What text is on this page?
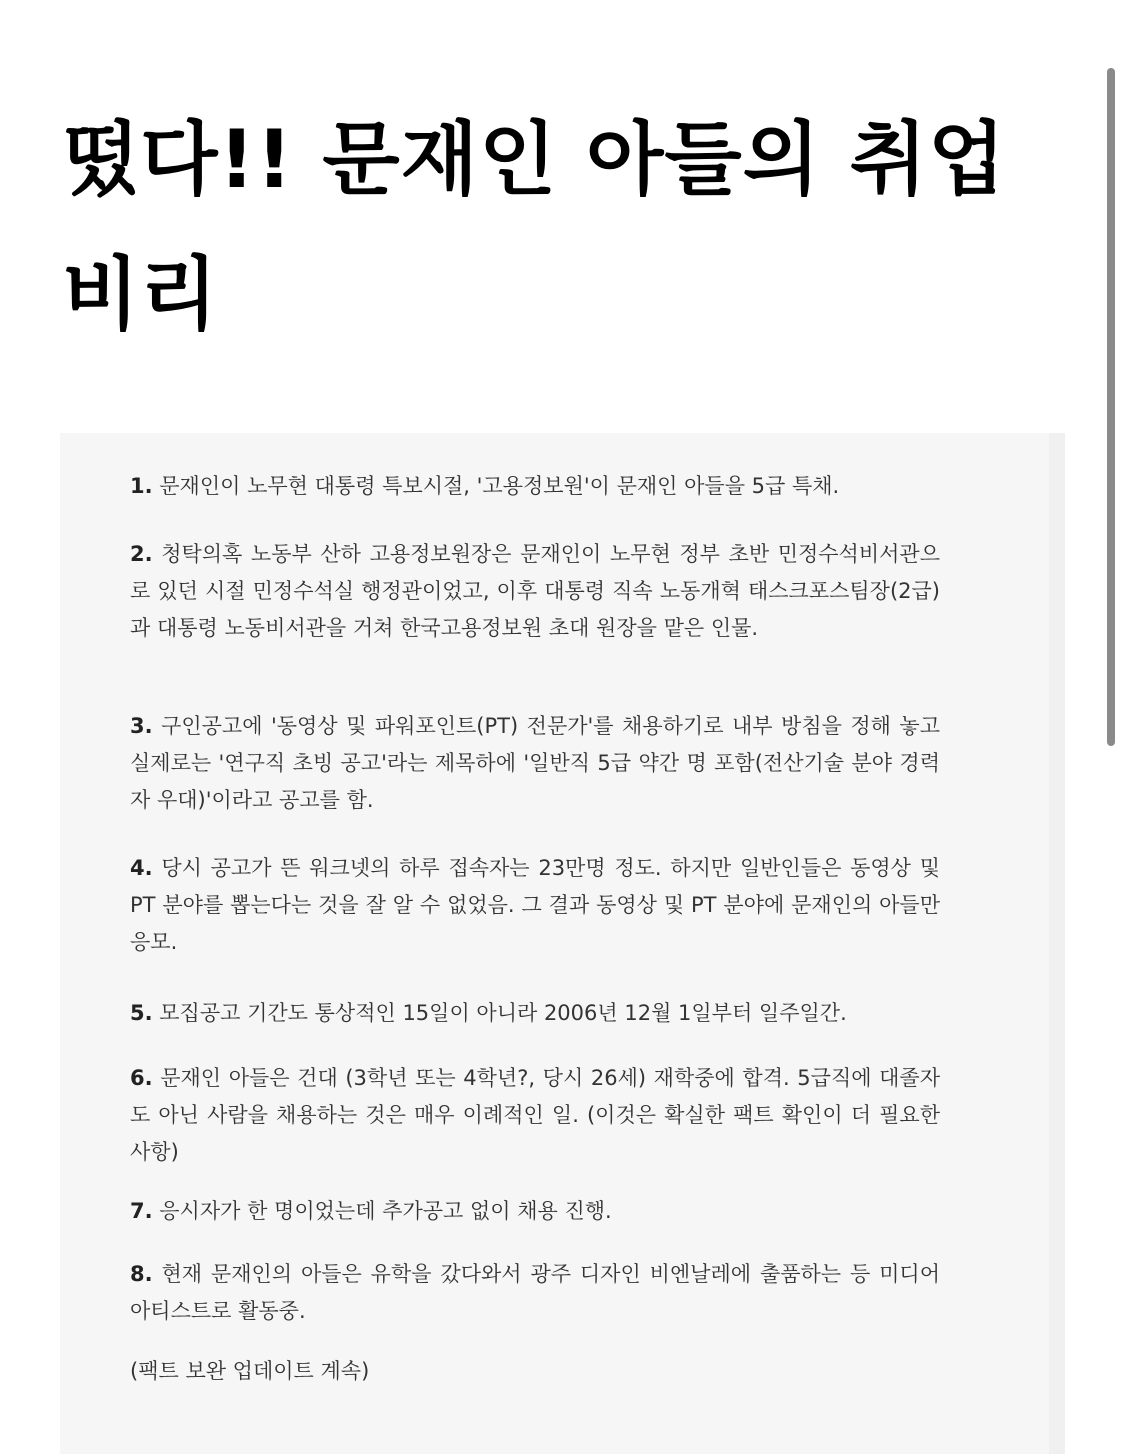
떴다!! 문재인 아들의 취업 비리

1. 문재인이 노무현 대통령 특보시절, '고용정보원'이 문재인 아들을 5급 특채.

2. 청탁의혹 노동부 산하 고용정보원장은 문재인이 노무현 정부 초반 민정수석비서관으로 있던 시절 민정수석실 행정관이었고, 이후 대통령 직속 노동개혁 태스크포스팀장(2급)과 대통령 노동비서관을 거쳐 한국고용정보원 초대 원장을 맡은 인물.

3. 구인공고에 '동영상 및 파워포인트(PT) 전문가'를 채용하기로 내부 방침을 정해 놓고 실제로는 '연구직 초빙 공고'라는 제목하에 '일반직 5급 약간 명 포함(전산기술 분야 경력자 우대)'이라고 공고를 함.

4. 당시 공고가 뜬 워크넷의 하루 접속자는 23만명 정도. 하지만 일반인들은 동영상 및 PT 분야를 뽑는다는 것을 잘 알 수 없었음. 그 결과 동영상 및 PT 분야에 문재인의 아들만 응모.

5. 모집공고 기간도 통상적인 15일이 아니라 2006년 12월 1일부터 일주일간.

6. 문재인 아들은 건대 (3학년 또는 4학년?, 당시 26세) 재학중에 합격. 5급직에 대졸자도 아닌 사람을 채용하는 것은 매우 이례적인 일. (이것은 확실한 팩트 확인이 더 필요한 사항)

7. 응시자가 한 명이었는데 추가공고 없이 채용 진행.

8. 현재 문재인의 아들은 유학을 갔다와서 광주 디자인 비엔날레에 출품하는 등 미디어 아티스트로 활동중.

(팩트 보완 업데이트 계속)
